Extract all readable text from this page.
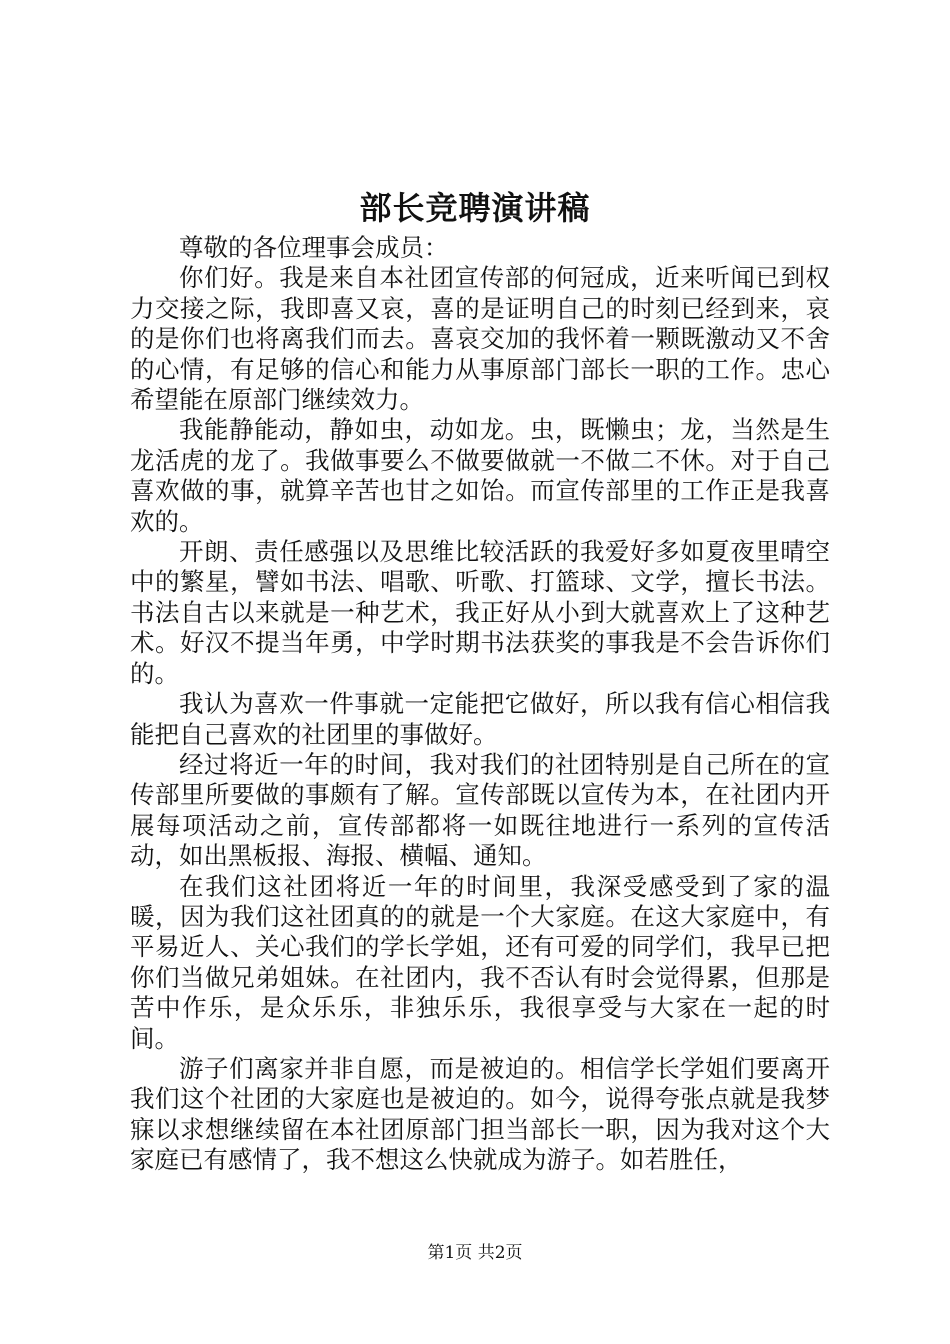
部长竞聘演讲稿

尊敬的各位理事会成员：

你们好。我是来自本社团宣传部的何冠成，近来听闻已到权力交接之际，我即喜又哀，喜的是证明自己的时刻已经到来，哀的是你们也将离我们而去。喜哀交加的我怀着一颗既激动又不舍的心情，有足够的信心和能力从事原部门部长一职的工作。忠心希望能在原部门继续效力。

我能静能动，静如虫，动如龙。虫，既懒虫；龙，当然是生龙活虎的龙了。我做事要么不做要做就一不做二不休。对于自己喜欢做的事，就算辛苦也甘之如饴。而宣传部里的工作正是我喜欢的。

开朗、责任感强以及思维比较活跃的我爱好多如夏夜里晴空中的繁星，譬如书法、唱歌、听歌、打篮球、文学，擅长书法。书法自古以来就是一种艺术，我正好从小到大就喜欢上了这种艺术。好汉不提当年勇，中学时期书法获奖的事我是不会告诉你们的。

我认为喜欢一件事就一定能把它做好，所以我有信心相信我能把自己喜欢的社团里的事做好。

经过将近一年的时间，我对我们的社团特别是自己所在的宣传部里所要做的事颇有了解。宣传部既以宣传为本，在社团内开展每项活动之前，宣传部都将一如既往地进行一系列的宣传活动，如出黑板报、海报、横幅、通知。

在我们这社团将近一年的时间里，我深受感受到了家的温暖，因为我们这社团真的的就是一个大家庭。在这大家庭中，有平易近人、关心我们的学长学姐，还有可爱的同学们，我早已把你们当做兄弟姐妹。在社团内，我不否认有时会觉得累，但那是苦中作乐，是众乐乐，非独乐乐，我很享受与大家在一起的时间。

游子们离家并非自愿，而是被迫的。相信学长学姐们要离开我们这个社团的大家庭也是被迫的。如今，说得夸张点就是我梦寐以求想继续留在本社团原部门担当部长一职，因为我对这个大家庭已有感情了，我不想这么快就成为游子。如若胜任，

第1页 共2页
